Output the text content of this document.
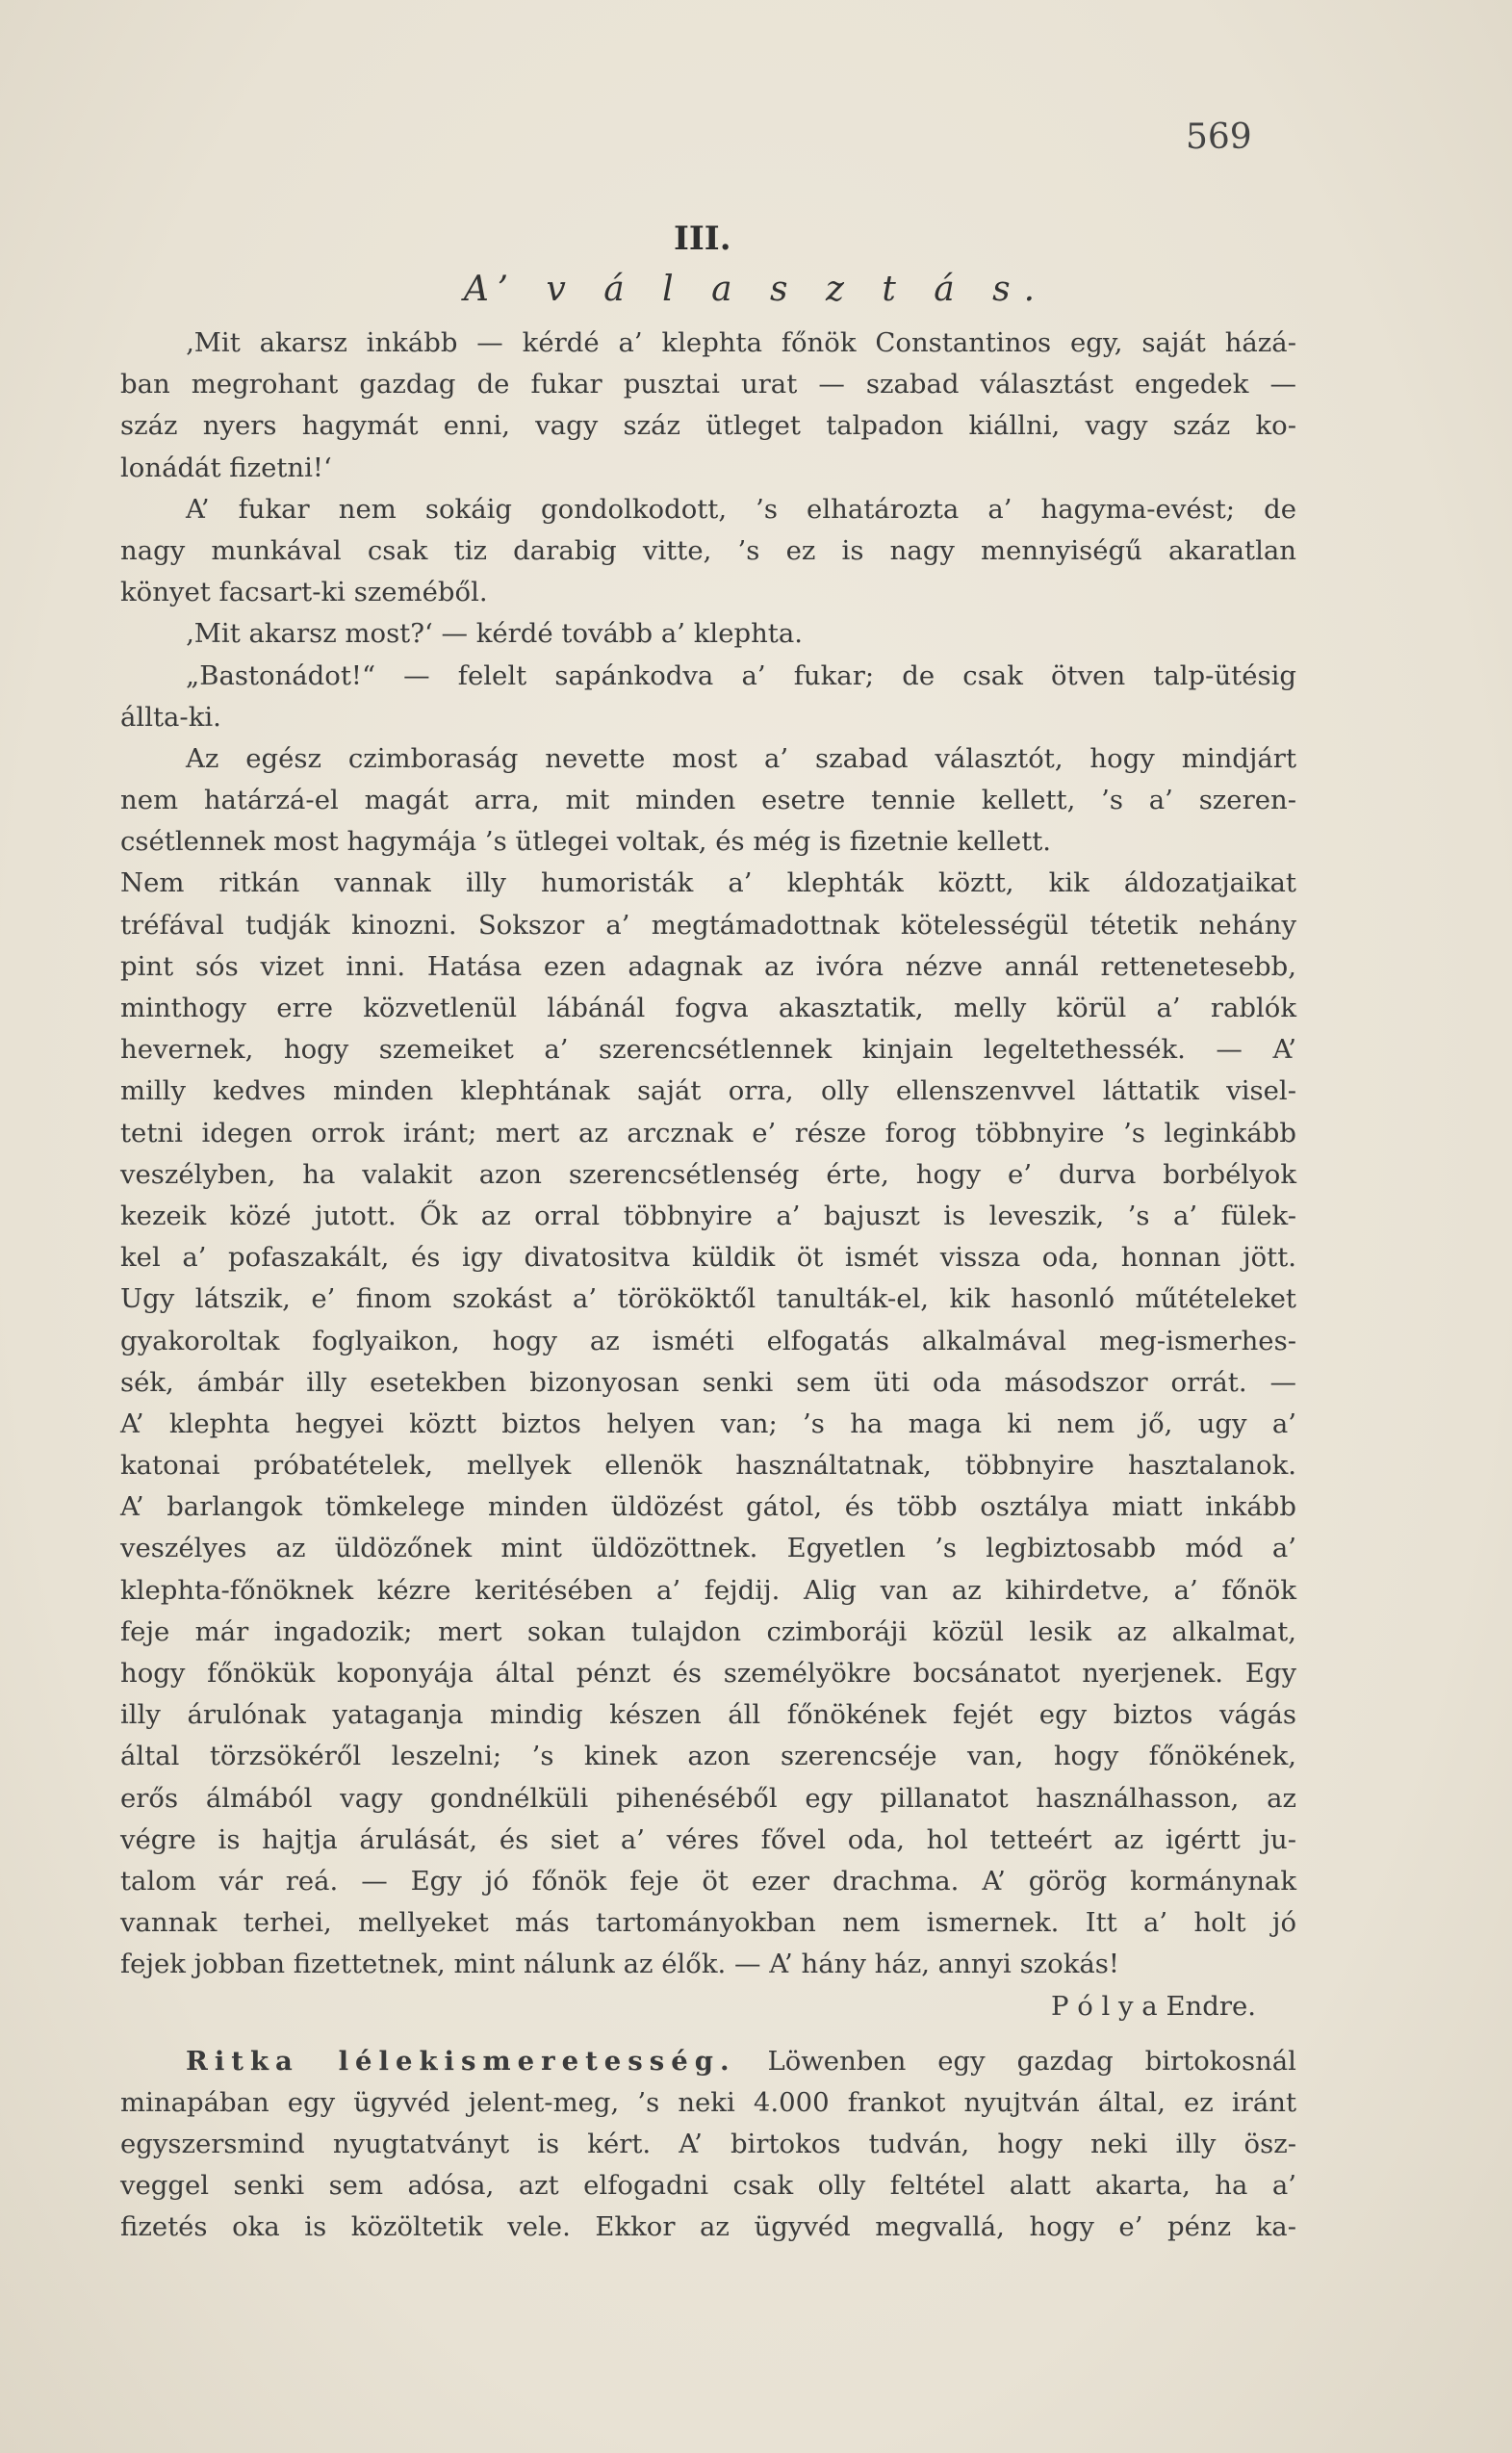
569
III.
A’ v á l a s z t á s.
‚Mit akarsz inkább — kérdé a’ klephta főnök Constantinos egy, saját házá-
ban megrohant gazdag de fukar pusztai urat — szabad választást engedek —
száz nyers hagymát enni, vagy száz ütleget talpadon kiállni, vagy száz ko-
lonádát fizetni!‘
A’ fukar nem sokáig gondolkodott, ’s elhatározta a’ hagyma-evést; de
nagy munkával csak tiz darabig vitte, ’s ez is nagy mennyiségű akaratlan
könyet facsart-ki szeméből.
‚Mit akarsz most?‘ — kérdé tovább a’ klephta.
„Bastonádot!“ — felelt sapánkodva a’ fukar; de csak ötven talp-ütésig
állta-ki.
Az egész czimboraság nevette most a’ szabad választót, hogy mindjárt
nem határzá-el magát arra, mit minden esetre tennie kellett, ’s a’ szeren-
csétlennek most hagymája ’s ütlegei voltak, és még is fizetnie kellett.
Nem ritkán vannak illy humoristák a’ klephták köztt, kik áldozatjaikat
tréfával tudják kinozni. Sokszor a’ megtámadottnak kötelességül tétetik nehány
pint sós vizet inni. Hatása ezen adagnak az ivóra nézve annál rettenetesebb,
minthogy erre közvetlenül lábánál fogva akasztatik, melly körül a’ rablók
hevernek, hogy szemeiket a’ szerencsétlennek kinjain legeltethessék. — A’
milly kedves minden klephtának saját orra, olly ellenszenvvel láttatik visel-
tetni idegen orrok iránt; mert az arcznak e’ része forog többnyire ’s leginkább
veszélyben, ha valakit azon szerencsétlenség érte, hogy e’ durva borbélyok
kezeik közé jutott. Ők az orral többnyire a’ bajuszt is leveszik, ’s a’ fülek-
kel a’ pofaszakált, és igy divatositva küldik öt ismét vissza oda, honnan jött.
Ugy látszik, e’ finom szokást a’ törököktől tanulták-el, kik hasonló műtételeket
gyakoroltak foglyaikon, hogy az isméti elfogatás alkalmával meg-ismerhes-
sék, ámbár illy esetekben bizonyosan senki sem üti oda másodszor orrát. —
A’ klephta hegyei köztt biztos helyen van; ’s ha maga ki nem jő, ugy a’
katonai próbatételek, mellyek ellenök használtatnak, többnyire hasztalanok.
A’ barlangok tömkelege minden üldözést gátol, és több osztálya miatt inkább
veszélyes az üldözőnek mint üldözöttnek. Egyetlen ’s legbiztosabb mód a’
klephta-főnöknek kézre keritésében a’ fejdij. Alig van az kihirdetve, a’ főnök
feje már ingadozik; mert sokan tulajdon czimboráji közül lesik az alkalmat,
hogy főnökük koponyája által pénzt és személyökre bocsánatot nyerjenek. Egy
illy árulónak yataganja mindig készen áll főnökének fejét egy biztos vágás
által törzsökéről leszelni; ’s kinek azon szerencséje van, hogy főnökének,
erős álmából vagy gondnélküli pihenéséből egy pillanatot használhasson, az
végre is hajtja árulását, és siet a’ véres fővel oda, hol tetteért az igértt ju-
talom vár reá. — Egy jó főnök feje öt ezer drachma. A’ görög kormánynak
vannak terhei, mellyeket más tartományokban nem ismernek. Itt a’ holt jó
fejek jobban fizettetnek, mint nálunk az élők. — A’ hány ház, annyi szokás!
P ó l y a Endre.
Ritka lélekismeretesség. Löwenben egy gazdag birtokosnál
minapában egy ügyvéd jelent-meg, ’s neki 4.000 frankot nyujtván által, ez iránt
egyszersmind nyugtatványt is kért. A’ birtokos tudván, hogy neki illy ösz-
veggel senki sem adósa, azt elfogadni csak olly feltétel alatt akarta, ha a’
fizetés oka is közöltetik vele. Ekkor az ügyvéd megvallá, hogy e’ pénz ka-
